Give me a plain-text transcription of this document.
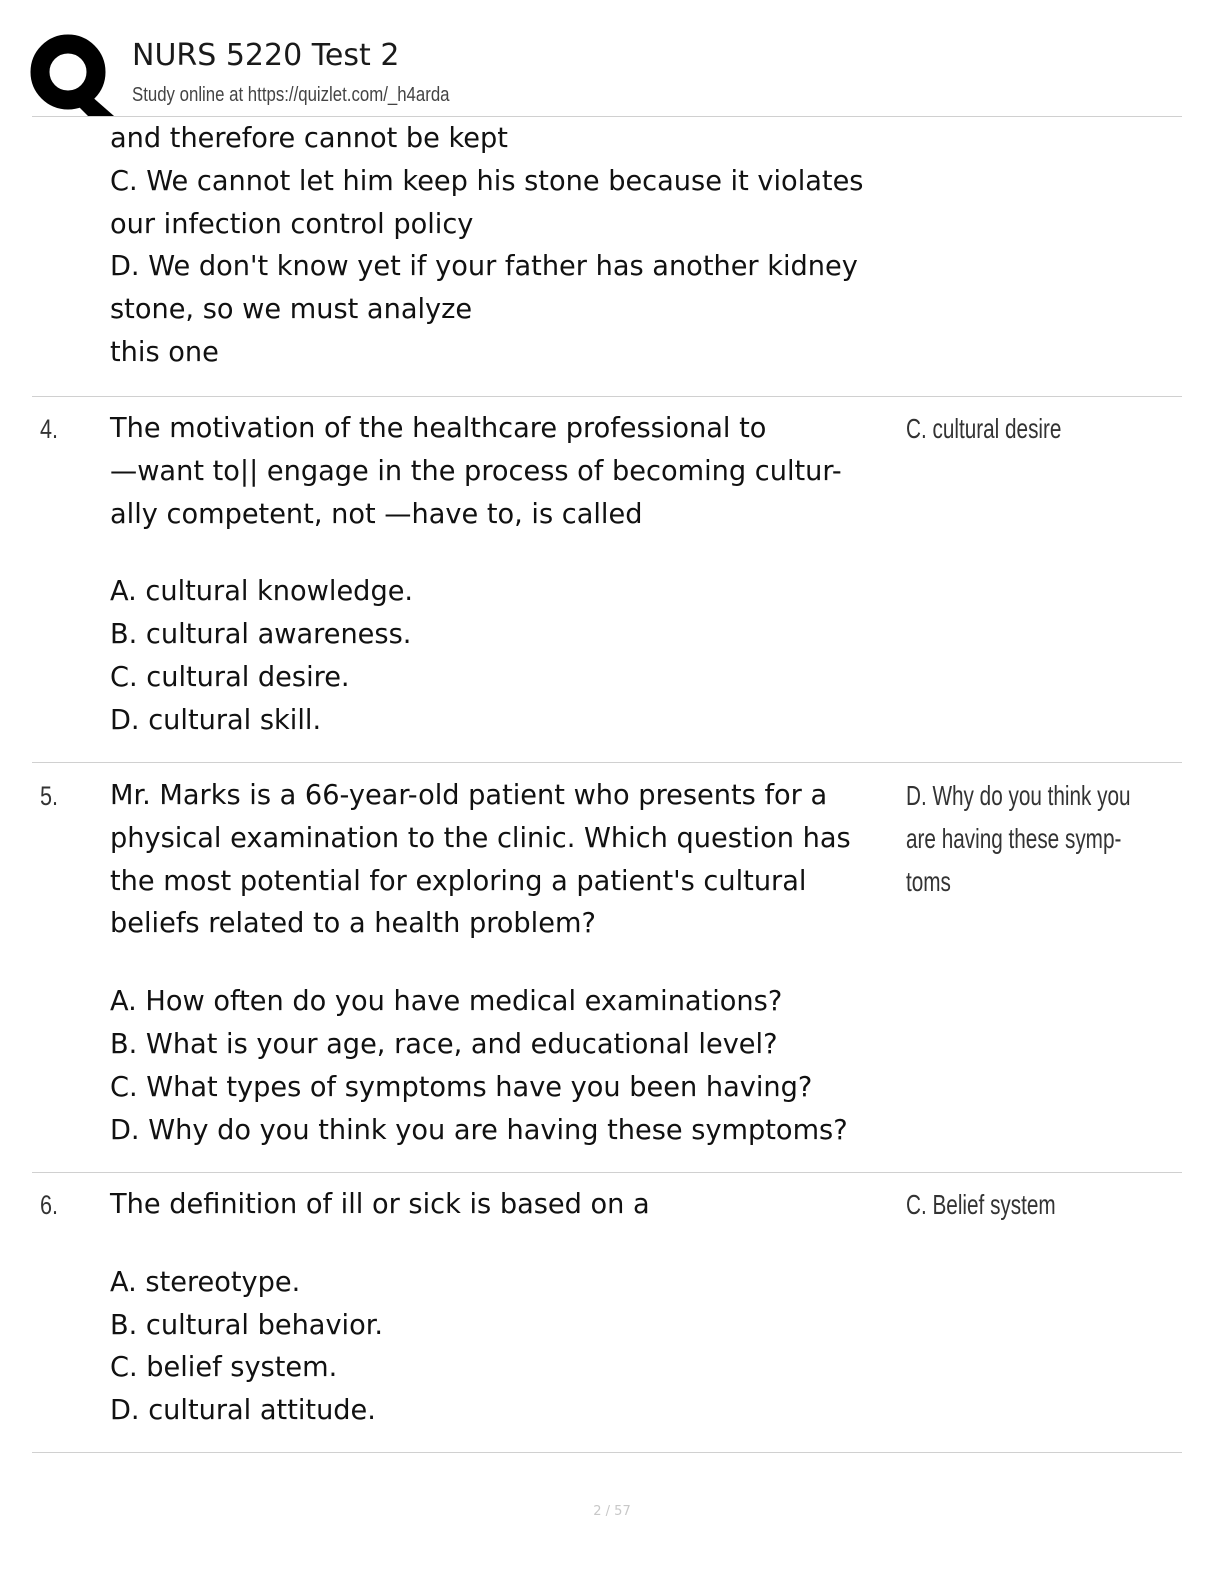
NURS 5220 Test 2
Study online at https://quizlet.com/_h4arda
and therefore cannot be kept
C. We cannot let him keep his stone because it violates
our infection control policy
D. We don't know yet if your father has another kidney
stone, so we must analyze
this one
4. The motivation of the healthcare professional to
—want to|| engage in the process of becoming cultur-
ally competent, not —have to, is called
A. cultural knowledge.
B. cultural awareness.
C. cultural desire.
D. cultural skill.
C. cultural desire
5. Mr. Marks is a 66-year-old patient who presents for a
physical examination to the clinic. Which question has
the most potential for exploring a patient's cultural
beliefs related to a health problem?
A. How often do you have medical examinations?
B. What is your age, race, and educational level?
C. What types of symptoms have you been having?
D. Why do you think you are having these symptoms?
D. Why do you think you
are having these symp-
toms
6. The definition of ill or sick is based on a
A. stereotype.
B. cultural behavior.
C. belief system.
D. cultural attitude.
C. Belief system
2 / 57
